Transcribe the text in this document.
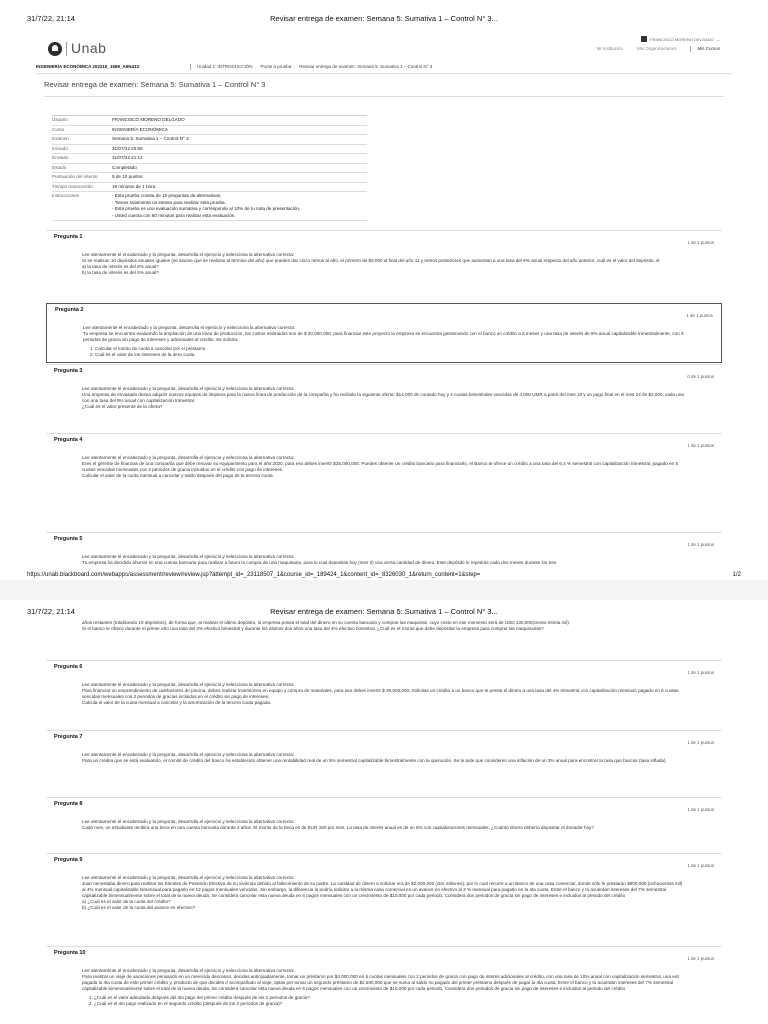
31/7/22, 21:14	Revisar entrega de examen: Semana 5: Sumativa 1 – Control N° 3...
Unab
FRANCISCO MORENO DELGADO ⌄
Mi Institución	Mis Organizaciones	Mis Cursos
INGENIERÍA ECONÓMICA 202215_1589_AIIN413	Unidad 1: INTRODUCCIÓN Ponte a prueba Revisar entrega de examen: Semana 5: Sumativa 1 – Control N° 3
Revisar entrega de examen: Semana 5: Sumativa 1 – Control N° 3
Usuario	FRANCISCO MORENO DELGADO
Curso	INGENIERÍA ECONÓMICA
Examen	Semana 5: Sumativa 1 – Control N° 3
Iniciado	31/07/22 20:55
Enviado	31/07/22 21:14
Estado	Completado
Puntuación del intento	9 de 10 puntos
Tiempo transcurrido	19 minutos de 1 hora
Instrucciones	- Esta prueba consta de 10 preguntas de alternativas,
- Tienes solamente un intento para realizar esta prueba.
- Esta prueba es una evaluación sumativa y corresponde al 10% de tu nota de presentación.
- Usted cuenta con 60 minutos para realizar esta evaluación.
Pregunta 1
1 de 1 puntos

Lee atentamente el encabezado y la pregunta, desarrolla el ejercicio y selecciona la alternativa correcta:

Si se realizan 10 depósitos anuales iguales (se asume que se realizan al término del año) que pueden dar cinco retiros al año, el primero de $5,000 al final del año 11 y retiros posteriores que aumentan a una tasa del 6% anual respecto del año anterior, cuál es el valor del depósito, si:

a) la tasa de interés es del 8% anual?

b) la tasa de interés es del 6% anual?

Pregunta 2
1 de 1 puntos

Lee atentamente el encabezado y la pregunta, desarrolla el ejercicio y selecciona la alternativa correcta:

Tu empresa se encuentra evaluando la ampliación de una línea de producción, los costos estimados son de $ 30,000,000, para financiar este proyecto la empresa se encuentra gestionando con el banco un crédito a 5 meses y una tasa de interés de 9% anual capitalizable trimestralmente, con 3 periodos de gracia sin pago de intereses y adicionales al crédito, Se solicita:

1. Calcular el monto de cuota a cancelar por el préstamo
2. Cuál es el valor de los intereses de la 3era cuota.
Pregunta 3
0 de 1 puntos

Lee atentamente el encabezado y la pregunta, desarrolla el ejercicio y selecciona la alternativa correcta:

Una empresa de envasado desea adquirir nuevos equipos de limpieza para la nueva línea de producción de la compañía y ha recibido la siguiente oferta: $14,000 de contado hoy y 4 cuotas bimestrales vencidas de 4,000 UMR a partir del mes 16 y un pago final en el mes 24 de $2,000, cada una con una tasa del 9% anual con capitalización trimestral.

¿Cuál es el valor presente de la oferta?

Pregunta 4
1 de 1 puntos

Lee atentamente el encabezado y la pregunta, desarrolla el ejercicio y selecciona la alternativa correcta:

Eres el gerente de finanzas de una compañía que debe renovar su equipamiento para el año 2020, para eso debes invertir $25,000,000. Puedes obtener un crédito bancario para financiarlo, el Banco te ofrece un crédito a una tasa del 6,4 % semestral con capitalización trimestral, pagado en 5 cuotas vencidas mensuales con 2 periodos de gracia incluidos en el crédito con pago de intereses.

Calcular el valor de la cuota mensual a cancelar y saldo después del pago de la tercera cuota.

Pregunta 5
1 de 1 puntos

Lee atentamente el encabezado y la pregunta, desarrolla el ejercicio y selecciona la alternativa correcta:

Tu empresa ha decidido ahorrar en una cuenta bancaria para realizar a futuro la compra de una maquinaria, para lo cual depositas hoy (mes 0) una cierta cantidad de dinero. Este depósito lo repetirás cada dos meses durante los tres

https://unab.blackboard.com/webapps/assessment/review/review.jsp?attempt_id=_23118507_1&course_id=_189424_1&content_id=_8326030_1&return_content=1&step=	1/2
31/7/22, 21:14	Revisar entrega de examen: Semana 5: Sumativa 1 – Control N° 3...

años restantes (totalizando 19 depósitos), de forma que, al realizar el último depósito, la empresa posea el total del dinero en su cuenta bancaria y comprar las maquinas, cuyo costo en ese momento será de USD 130,000(ciento treinta mil).

Si el banco te ofrece durante el primer año una tasa del 3% efectivo bimestral y durante los últimos dos años una tasa del 4% efectivo bimestral, ¿Cuál es el monto que debe depositar la empresa para comprar las maquinarias?

Pregunta 6
1 de 1 puntos

Lee atentamente el encabezado y la pregunta, desarrolla el ejercicio y selecciona la alternativa correcta:

Para financiar un emprendimiento de calefactores de piscina, debes realizar inversiones en equipo y compra de materiales, para eso debes invertir $ 30,000,000, Solicitas un crédito a un banco que te presta el dinero a una tasa del 4% trimestral con capitalización mensual, pagado en 5 cuotas vencidas mensuales con 2 periodos de gracias incluidos en el crédito sin pago de intereses.

Calcula el valor de la cuota mensual a cancelar y la amortización de la tercera cuota pagada.

Pregunta 7
1 de 1 puntos

Lee atentamente el encabezado y la pregunta, desarrolla el ejercicio y selecciona la alternativa correcta:

Para un crédito que se está evaluando, el comité de crédito del banco ha establecido obtener una rentabilidad real de un 5% semestral capitalizable bimestralmente con la operación. Se te pide que consideres una inflación de un 3% anual para encontrar la tasa que buscas (tasa inflada).

Pregunta 8
1 de 1 puntos

Lee atentamente el encabezado y la pregunta, desarrolla el ejercicio y selecciona la alternativa correcta:

Cada mes, un estudiante recibirá una beca en una cuenta bancaria durante 4 años. El monto de la beca es de EUR 150 por mes. La tasa de interés anual es de un 6% con capitalizaciones mensuales. ¿Cuánto dinero debería depositar el donador hoy?

Pregunta 9
1 de 1 puntos

Lee atentamente el encabezado y la pregunta, desarrolla el ejercicio y selecciona la alternativa correcta:

Juan necesitaba dinero para realizar los trámites de Posesión Efectiva de su vivienda debido al fallecimiento de su padre. La cantidad de dinero a solicitar era de $2,000,000 (dos millones), por lo cual recurre a un Banco de una casa comercial, donde sólo le prestarán $800,000 (ochocientos mil) al 4% mensual capitalizable bimensual para pagarlo en 12 pagos mensuales vencidos. Sin embargo, la diferencia la podría solicitar a la misma casa comercial en un avance en efectivo al 2 % mensual para pagarlo en la 4ta cuota, Entre el banco y tú acuerdan intereses del 7% semestral capitalizable bimensualmente sobre el total de la nueva deuda, Se considera cancelar esta nueva deuda en 6 pagos mensuales con un crecimiento de $10,000 por cada periodo, Considera dos periodos de gracia sin pago de intereses e incluidos al periodo del crédito

a) ¿Cuál es el valor de la cuota del crédito?

b) ¿Cuál es el valor de la cuota del avance en efectivo?

Pregunta 10
1 de 1 puntos

Lee atentamente el encabezado y la pregunta, desarrolla el ejercicio y selecciona la alternativa correcta:

Para realizar un viaje de vacaciones pensando en un merecido descanso, decides anticipadamente, tomar un préstamo por $4,000,000 en 6 cuotas mensuales con 2 periodos de gracia con pago de interés adicionales al crédito, con una tasa de 10% anual con capitalización semestral, una vez pagada la 4ta cuota de este primer crédito y, producto de que decides ir acompañado al viaje, optas por tomar un segundo préstamo de $2,500,000 que se suma al saldo no pagado del primer préstamo después de pagar la 4ta cuota, Entre el banco y tú acuerdan intereses del 7% semestral capitalizable bimensualmente sobre el total de la nueva deuda, Se considera cancelar esta nueva deuda en 6 pagos mensuales con un crecimiento de $10,000 por cada periodo, Considera dos periodos de gracia sin pago de intereses e incluidos al periodo del crédito

1. ¿Cuál es el valor adeudado después del 4to pago del primer crédito después de los 2 periodos de gracia?
2. ¿Cuál es el 4to pago realizado en el segundo crédito (después de los 2 periodos de gracia)?
